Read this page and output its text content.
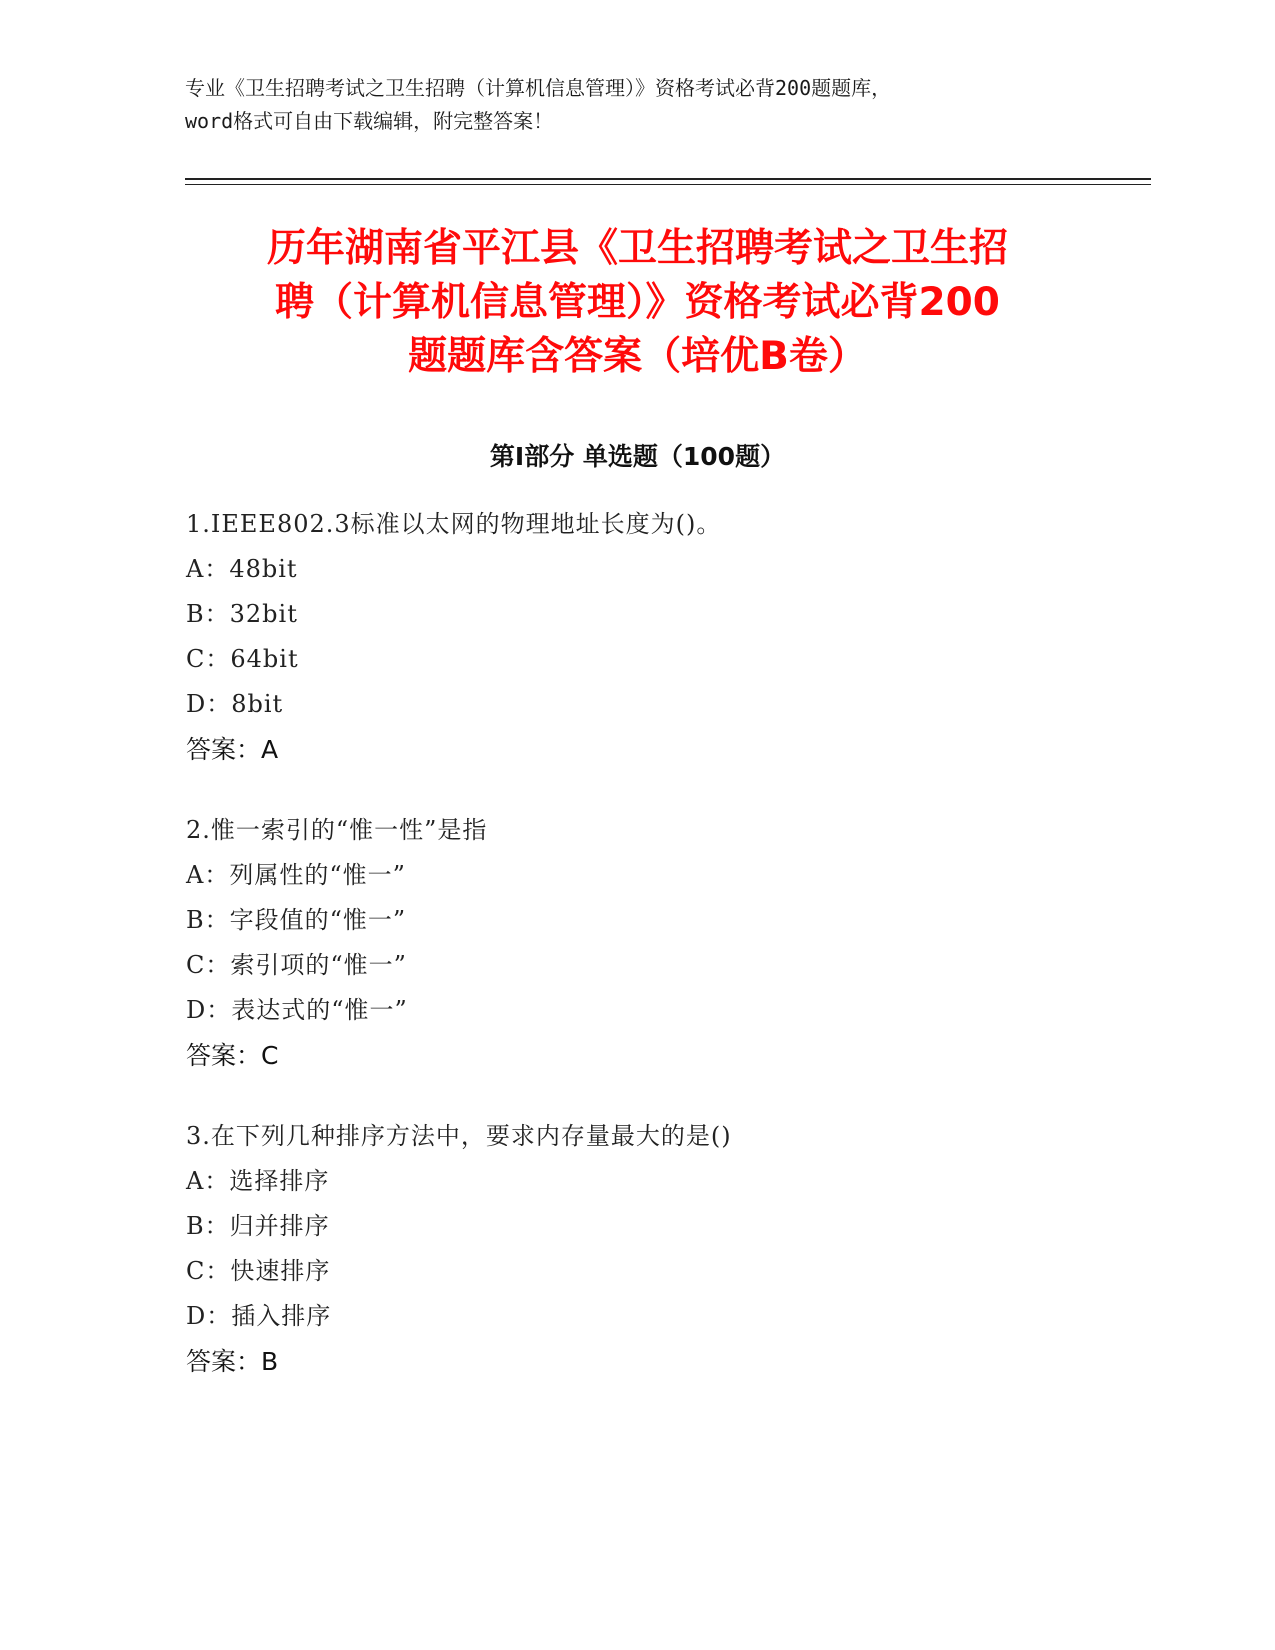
专业《卫生招聘考试之卫生招聘（计算机信息管理）》资格考试必背200题题库，
word格式可自由下载编辑，附完整答案！
历年湖南省平江县《卫生招聘考试之卫生招
聘（计算机信息管理）》资格考试必背200
题题库含答案（培优B卷）
第Ⅰ部分 单选题（100题）
1.IEEE802.3标准以太网的物理地址长度为()。
A：48bit
B：32bit
C：64bit
D：8bit
答案：A
2.惟一索引的“惟一性”是指
A：列属性的“惟一”
B：字段值的“惟一”
C：索引项的“惟一”
D：表达式的“惟一”
答案：C
3.在下列几种排序方法中，要求内存量最大的是()
A：选择排序
B：归并排序
C：快速排序
D：插入排序
答案：B
